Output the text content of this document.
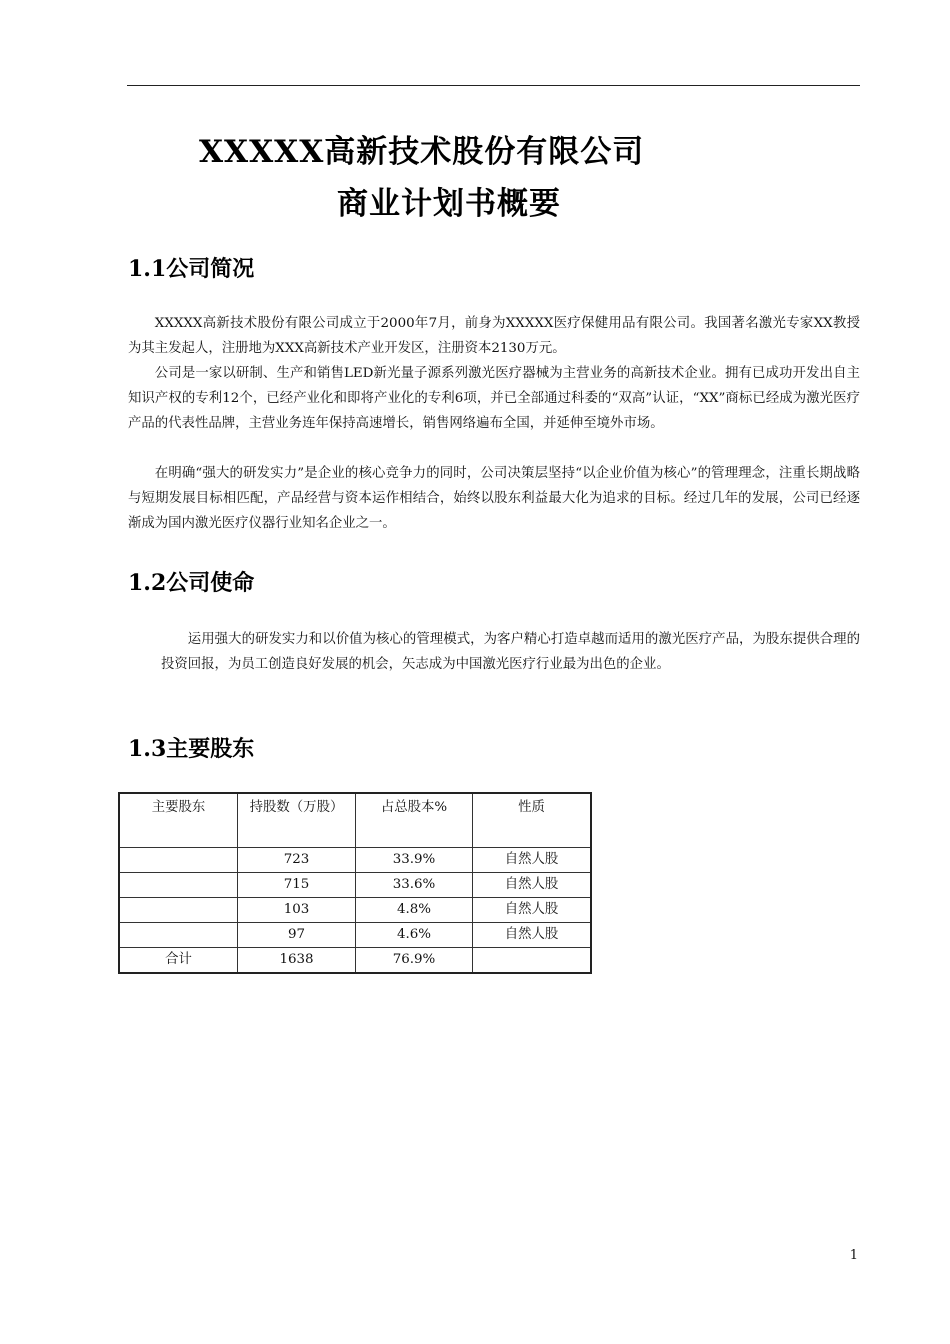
XXXXX高新技术股份有限公司
商业计划书概要
1.1公司简况

XXXXX高新技术股份有限公司成立于2000年7月，前身为XXXXX医疗保健用品有限公司。我国著名激光专家XX教授为其主发起人，注册地为XXX高新技术产业开发区，注册资本2130万元。

公司是一家以研制、生产和销售LED新光量子源系列激光医疗器械为主营业务的高新技术企业。拥有已成功开发出自主知识产权的专利12个，已经产业化和即将产业化的专利6项，并已全部通过科委的“双高”认证，“XX”商标已经成为激光医疗产品的代表性品牌，主营业务连年保持高速增长，销售网络遍布全国，并延伸至境外市场。

在明确“强大的研发实力”是企业的核心竞争力的同时，公司决策层坚持“以企业价值为核心”的管理理念，注重长期战略与短期发展目标相匹配，产品经营与资本运作相结合，始终以股东利益最大化为追求的目标。经过几年的发展，公司已经逐渐成为国内激光医疗仪器行业知名企业之一。

1.2公司使命

运用强大的研发实力和以价值为核心的管理模式，为客户精心打造卓越而适用的激光医疗产品，为股东提供合理的投资回报，为员工创造良好发展的机会，矢志成为中国激光医疗行业最为出色的企业。

1.3主要股东
主要股东	持股数（万股）	占总股本%	性质
	723	33.9%	自然人股
	715	33.6%	自然人股
	103	4.8%	自然人股
	97	4.6%	自然人股
合计	1638	76.9%	
1
